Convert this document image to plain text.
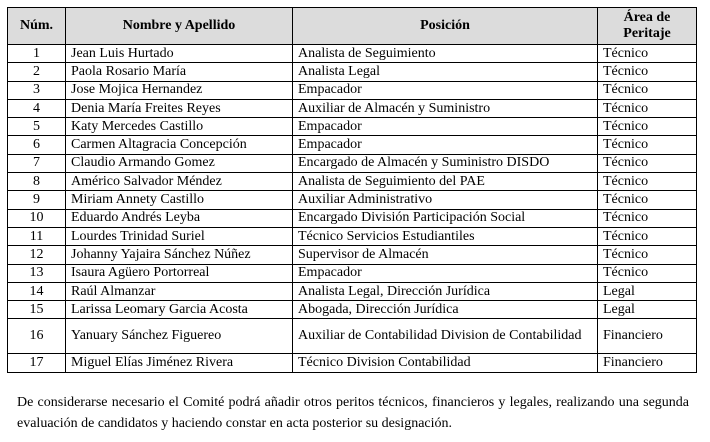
Núm.	Nombre y Apellido	Posición	Área de Peritaje
1	Jean Luis Hurtado	Analista de Seguimiento	Técnico
2	Paola Rosario María	Analista Legal	Técnico
3	Jose Mojica Hernandez	Empacador	Técnico
4	Denia María Freites Reyes	Auxiliar de Almacén y Suministro	Técnico
5	Katy Mercedes Castillo	Empacador	Técnico
6	Carmen Altagracia Concepción	Empacador	Técnico
7	Claudio Armando Gomez	Encargado de Almacén y Suministro DISDO	Técnico
8	Américo Salvador Méndez	Analista de Seguimiento del PAE	Técnico
9	Miriam Annety Castillo	Auxiliar Administrativo	Técnico
10	Eduardo Andrés Leyba	Encargado División Participación Social	Técnico
11	Lourdes Trinidad Suriel	Técnico Servicios Estudiantiles	Técnico
12	Johanny Yajaira Sánchez Núñez	Supervisor de Almacén	Técnico
13	Isaura Agüero Portorreal	Empacador	Técnico
14	Raúl Almanzar	Analista Legal, Dirección Jurídica	Legal
15	Larissa Leomary Garcia Acosta	Abogada, Dirección Jurídica	Legal
16	Yanuary Sánchez Figuereo	Auxiliar de Contabilidad Division de Contabilidad	Financiero
17	Miguel Elías Jiménez Rivera	Técnico Division Contabilidad	Financiero

De considerarse necesario el Comité podrá añadir otros peritos técnicos, financieros y legales, realizando una segunda evaluación de candidatos y haciendo constar en acta posterior su designación.
